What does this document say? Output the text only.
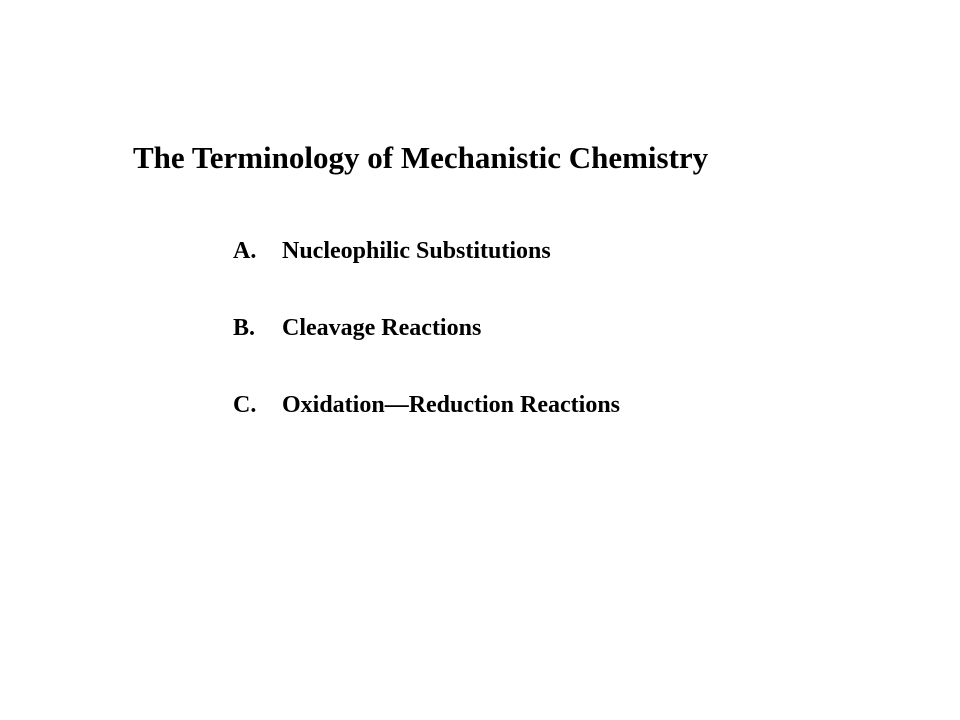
The Terminology of Mechanistic Chemistry
A.	Nucleophilic Substitutions
B.	Cleavage Reactions
C.	Oxidation—Reduction Reactions
